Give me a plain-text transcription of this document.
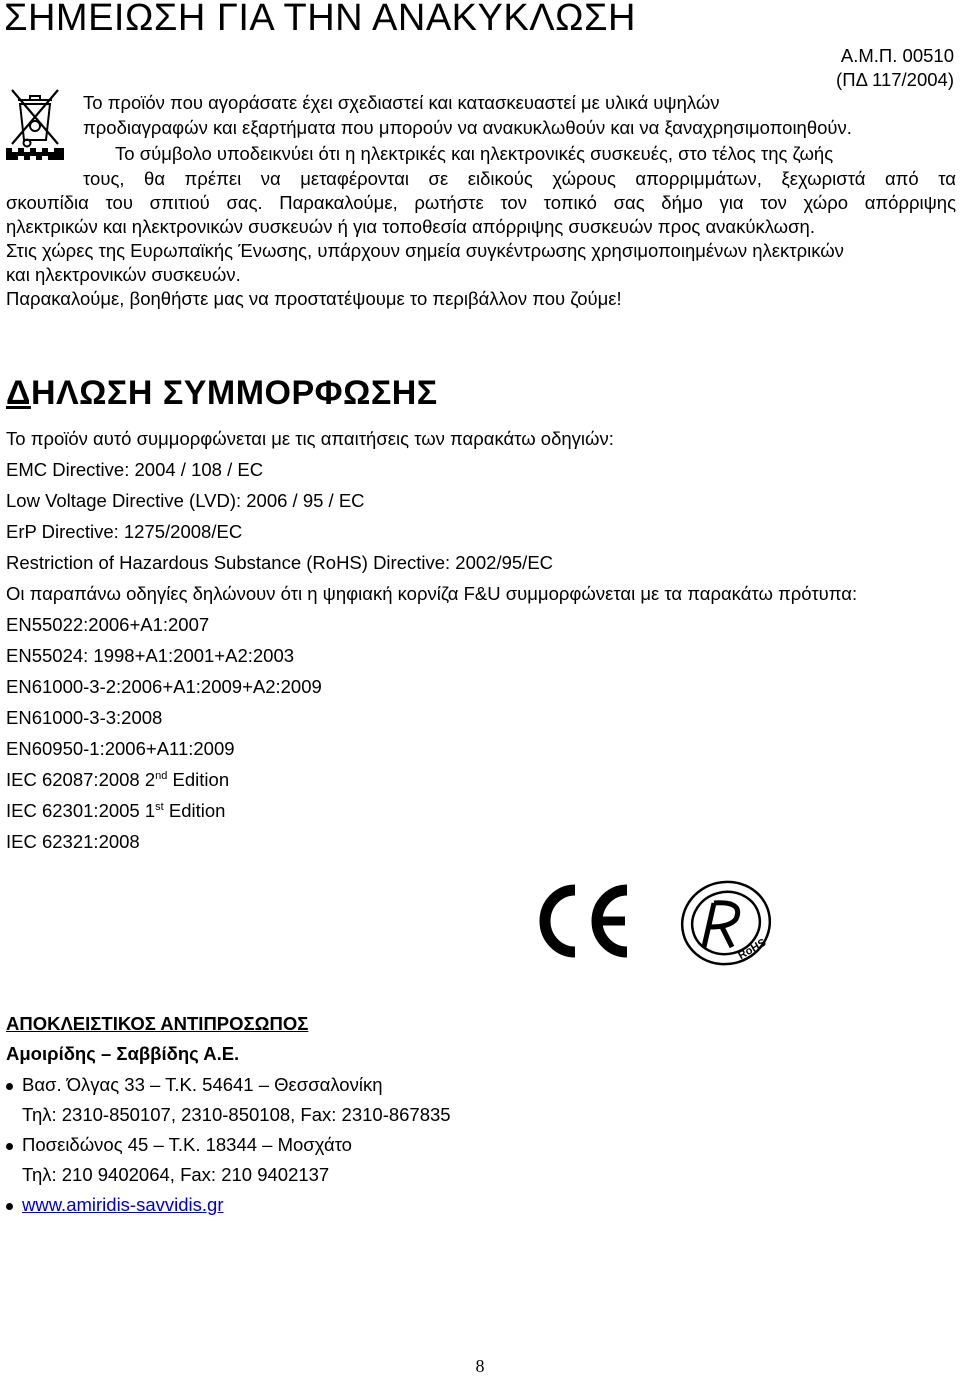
ΣΗΜΕΙΩΣΗ ΓΙΑ ΤΗΝ ΑΝΑΚΥΚΛΩΣΗ
Α.Μ.Π. 00510
(ΠΔ 117/2004)
Το προϊόν που αγοράσατε έχει σχεδιαστεί και κατασκευαστεί με υλικά υψηλών
προδιαγραφών και εξαρτήματα που μπορούν να ανακυκλωθούν και να ξαναχρησιμοποιηθούν.
Το σύμβολο υποδεικνύει ότι η ηλεκτρικές και ηλεκτρονικές συσκευές, στο τέλος της ζωής
τους, θα πρέπει να μεταφέρονται σε ειδικούς χώρους απορριμμάτων, ξεχωριστά από τα
σκουπίδια του σπιτιού σας. Παρακαλούμε, ρωτήστε τον τοπικό σας δήμο για τον χώρο απόρριψης
ηλεκτρικών και ηλεκτρονικών συσκευών ή για τοποθεσία απόρριψης συσκευών προς ανακύκλωση.
Στις χώρες της Ευρωπαϊκής Ένωσης, υπάρχουν σημεία συγκέντρωσης χρησιμοποιημένων ηλεκτρικών
και ηλεκτρονικών συσκευών.
Παρακαλούμε, βοηθήστε μας να προστατέψουμε το περιβάλλον που ζούμε!
ΔΗΛΩΣΗ ΣΥΜΜΟΡΦΩΣΗΣ
Το προϊόν αυτό συμμορφώνεται με τις απαιτήσεις των παρακάτω οδηγιών:
EMC Directive: 2004 / 108 / EC
Low Voltage Directive (LVD): 2006 / 95 / EC
ErP Directive: 1275/2008/EC
Restriction of Hazardous Substance (RoHS) Directive: 2002/95/EC
Οι παραπάνω οδηγίες δηλώνουν ότι η ψηφιακή κορνίζα F&U συμμορφώνεται με τα παρακάτω πρότυπα:
EN55022:2006+A1:2007
EN55024: 1998+A1:2001+A2:2003
EN61000-3-2:2006+A1:2009+A2:2009
EN61000-3-3:2008
EN60950-1:2006+A11:2009
IEC 62087:2008 2nd Edition
IEC 62301:2005 1st Edition
IEC 62321:2008
RoHS
ΑΠΟΚΛΕΙΣΤΙΚΟΣ ΑΝΤΙΠΡΟΣΩΠΟΣ
Αμοιρίδης – Σαββίδης Α.Ε.
Βασ. Όλγας 33 – Τ.Κ. 54641 – Θεσσαλονίκη
Τηλ: 2310-850107, 2310-850108, Fax: 2310-867835
Ποσειδώνος 45 – Τ.Κ. 18344 – Μοσχάτο
Τηλ: 210 9402064, Fax: 210 9402137
www.amiridis-savvidis.gr
8
